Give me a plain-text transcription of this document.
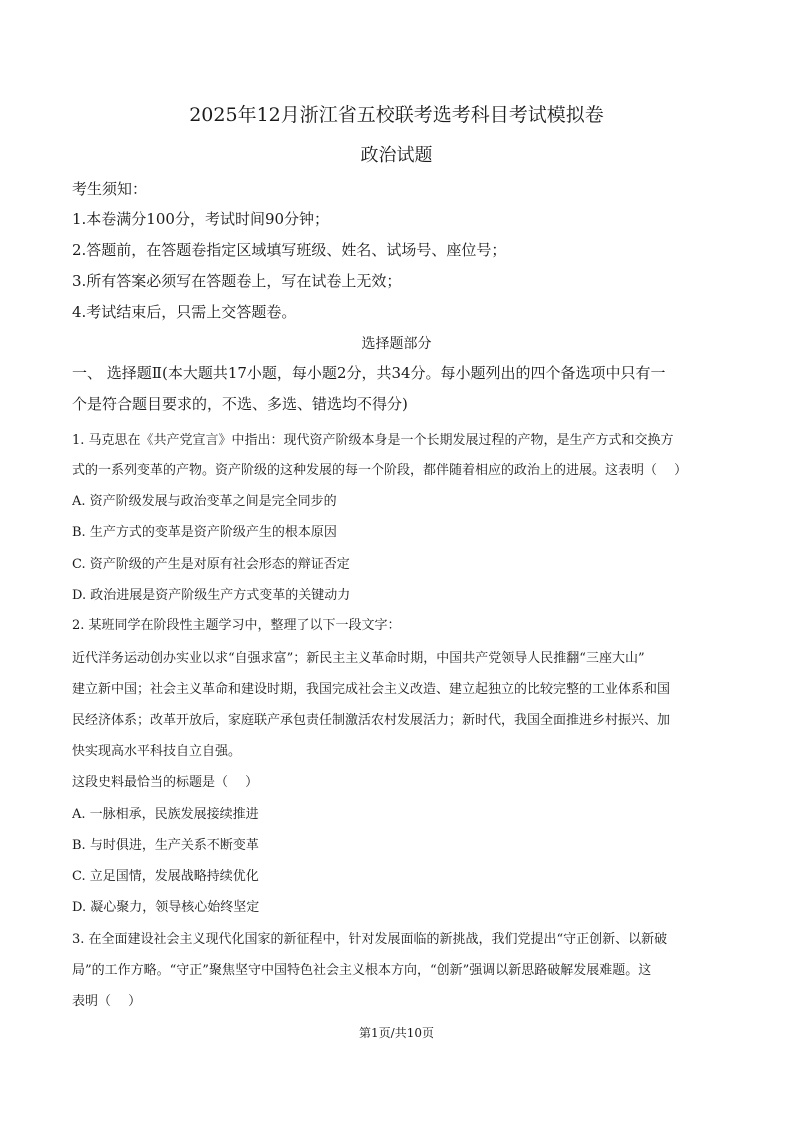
2025年12月浙江省五校联考选考科目考试模拟卷
政治试题
考生须知：
1.本卷满分100分，考试时间90分钟；
2.答题前，在答题卷指定区域填写班级、姓名、试场号、座位号；
3.所有答案必须写在答题卷上，写在试卷上无效；
4.考试结束后，只需上交答题卷。
选择题部分
一、 选择题Ⅱ(本大题共17小题，每小题2分，共34分。每小题列出的四个备选项中只有一
个是符合题目要求的，不选、多选、错选均不得分)
1. 马克思在《共产党宣言》中指出：现代资产阶级本身是一个长期发展过程的产物，是生产方式和交换方
式的一系列变革的产物。资产阶级的这种发展的每一个阶段，都伴随着相应的政治上的进展。这表明（　 ）
A. 资产阶级发展与政治变革之间是完全同步的
B. 生产方式的变革是资产阶级产生的根本原因
C. 资产阶级的产生是对原有社会形态的辩证否定
D. 政治进展是资产阶级生产方式变革的关键动力
2. 某班同学在阶段性主题学习中，整理了以下一段文字：
近代洋务运动创办实业以求“自强求富”；新民主主义革命时期，中国共产党领导人民推翻“三座大山”
建立新中国；社会主义革命和建设时期，我国完成社会主义改造、建立起独立的比较完整的工业体系和国
民经济体系；改革开放后，家庭联产承包责任制激活农村发展活力；新时代，我国全面推进乡村振兴、加
快实现高水平科技自立自强。
这段史料最恰当的标题是（　 ）
A. 一脉相承，民族发展接续推进
B. 与时俱进，生产关系不断变革
C. 立足国情，发展战略持续优化
D. 凝心聚力，领导核心始终坚定
3. 在全面建设社会主义现代化国家的新征程中，针对发展面临的新挑战，我们党提出“守正创新、以新破
局”的工作方略。“守正”聚焦坚守中国特色社会主义根本方向，“创新”强调以新思路破解发展难题。这
表明（　 ）
第1页/共10页
